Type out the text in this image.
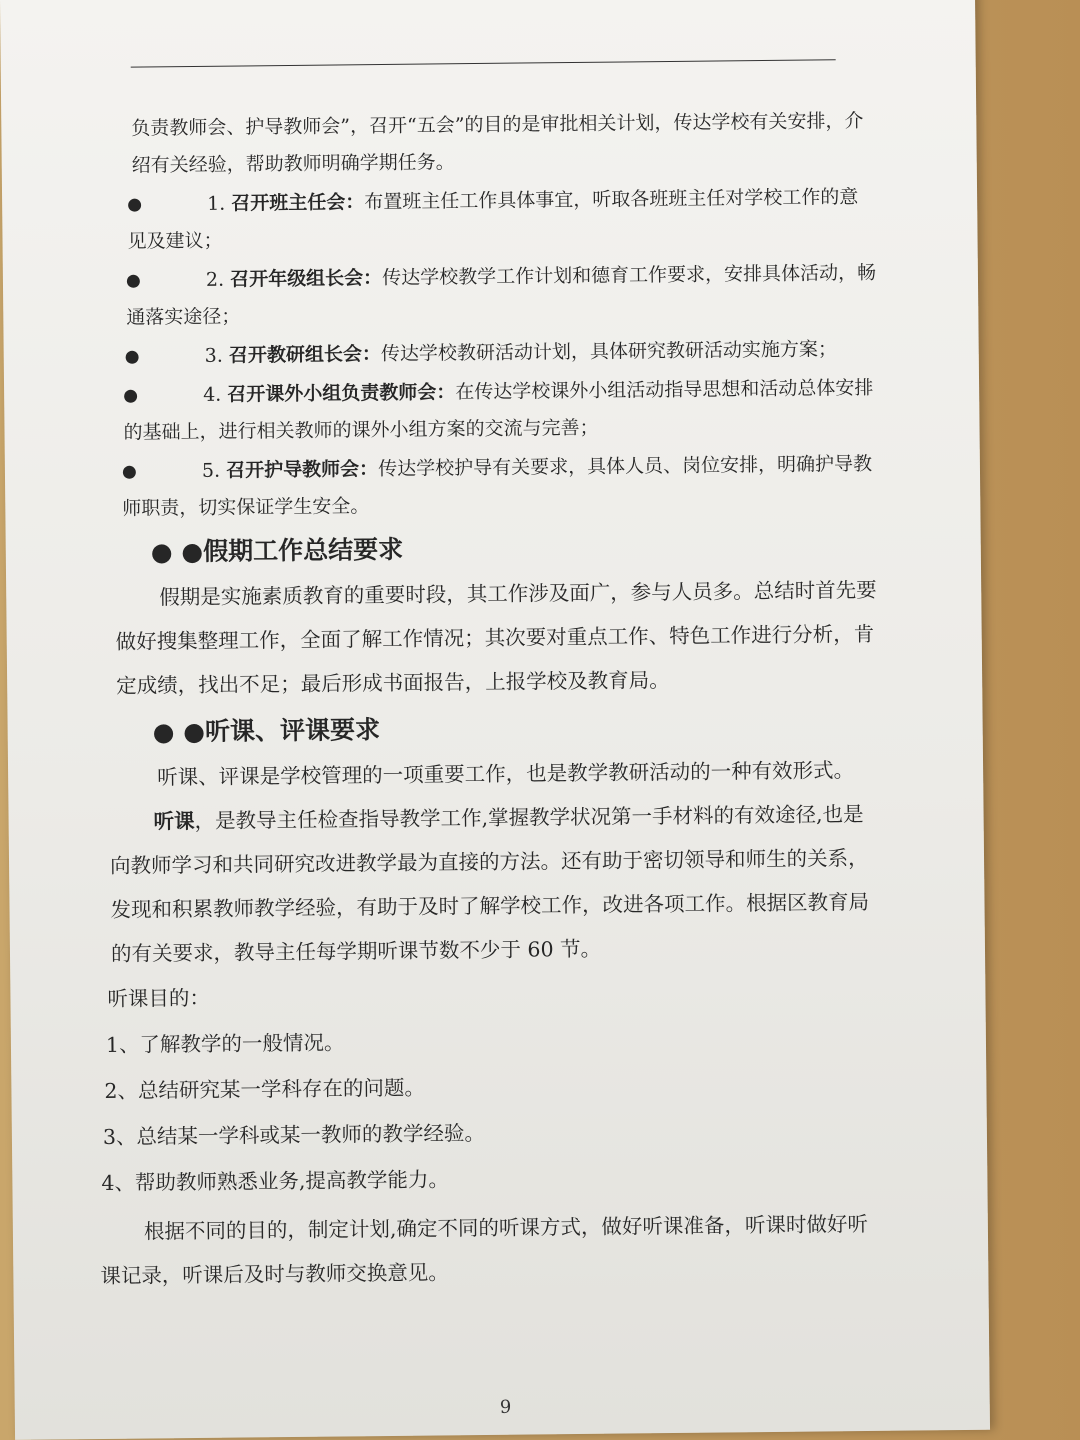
负责教师会、护导教师会”，召开“五会”的目的是审批相关计划，传达学校有关安排，介绍有关经验，帮助教师明确学期任务。

●	1. 召开班主任会：布置班主任工作具体事宜，听取各班班主任对学校工作的意见及建议；
●	2. 召开年级组长会：传达学校教学工作计划和德育工作要求，安排具体活动，畅通落实途径；
●	3. 召开教研组长会：传达学校教研活动计划，具体研究教研活动实施方案；
●	4. 召开课外小组负责教师会：在传达学校课外小组活动指导思想和活动总体安排的基础上，进行相关教师的课外小组方案的交流与完善；
●	5. 召开护导教师会：传达学校护导有关要求，具体人员、岗位安排，明确护导教师职责，切实保证学生安全。
● ●假期工作总结要求

假期是实施素质教育的重要时段，其工作涉及面广，参与人员多。总结时首先要做好搜集整理工作，全面了解工作情况；其次要对重点工作、特色工作进行分析，肯定成绩，找出不足；最后形成书面报告，上报学校及教育局。

● ●听课、评课要求

听课、评课是学校管理的一项重要工作，也是教学教研活动的一种有效形式。

听课，是教导主任检查指导教学工作,掌握教学状况第一手材料的有效途径,也是向教师学习和共同研究改进教学最为直接的方法。还有助于密切领导和师生的关系，发现和积累教师教学经验，有助于及时了解学校工作，改进各项工作。根据区教育局的有关要求，教导主任每学期听课节数不少于 60 节。

听课目的：
1、了解教学的一般情况。
2、总结研究某一学科存在的问题。
3、总结某一学科或某一教师的教学经验。
4、帮助教师熟悉业务,提高教学能力。

根据不同的目的，制定计划,确定不同的听课方式，做好听课准备，听课时做好听课记录，听课后及时与教师交换意见。

9
